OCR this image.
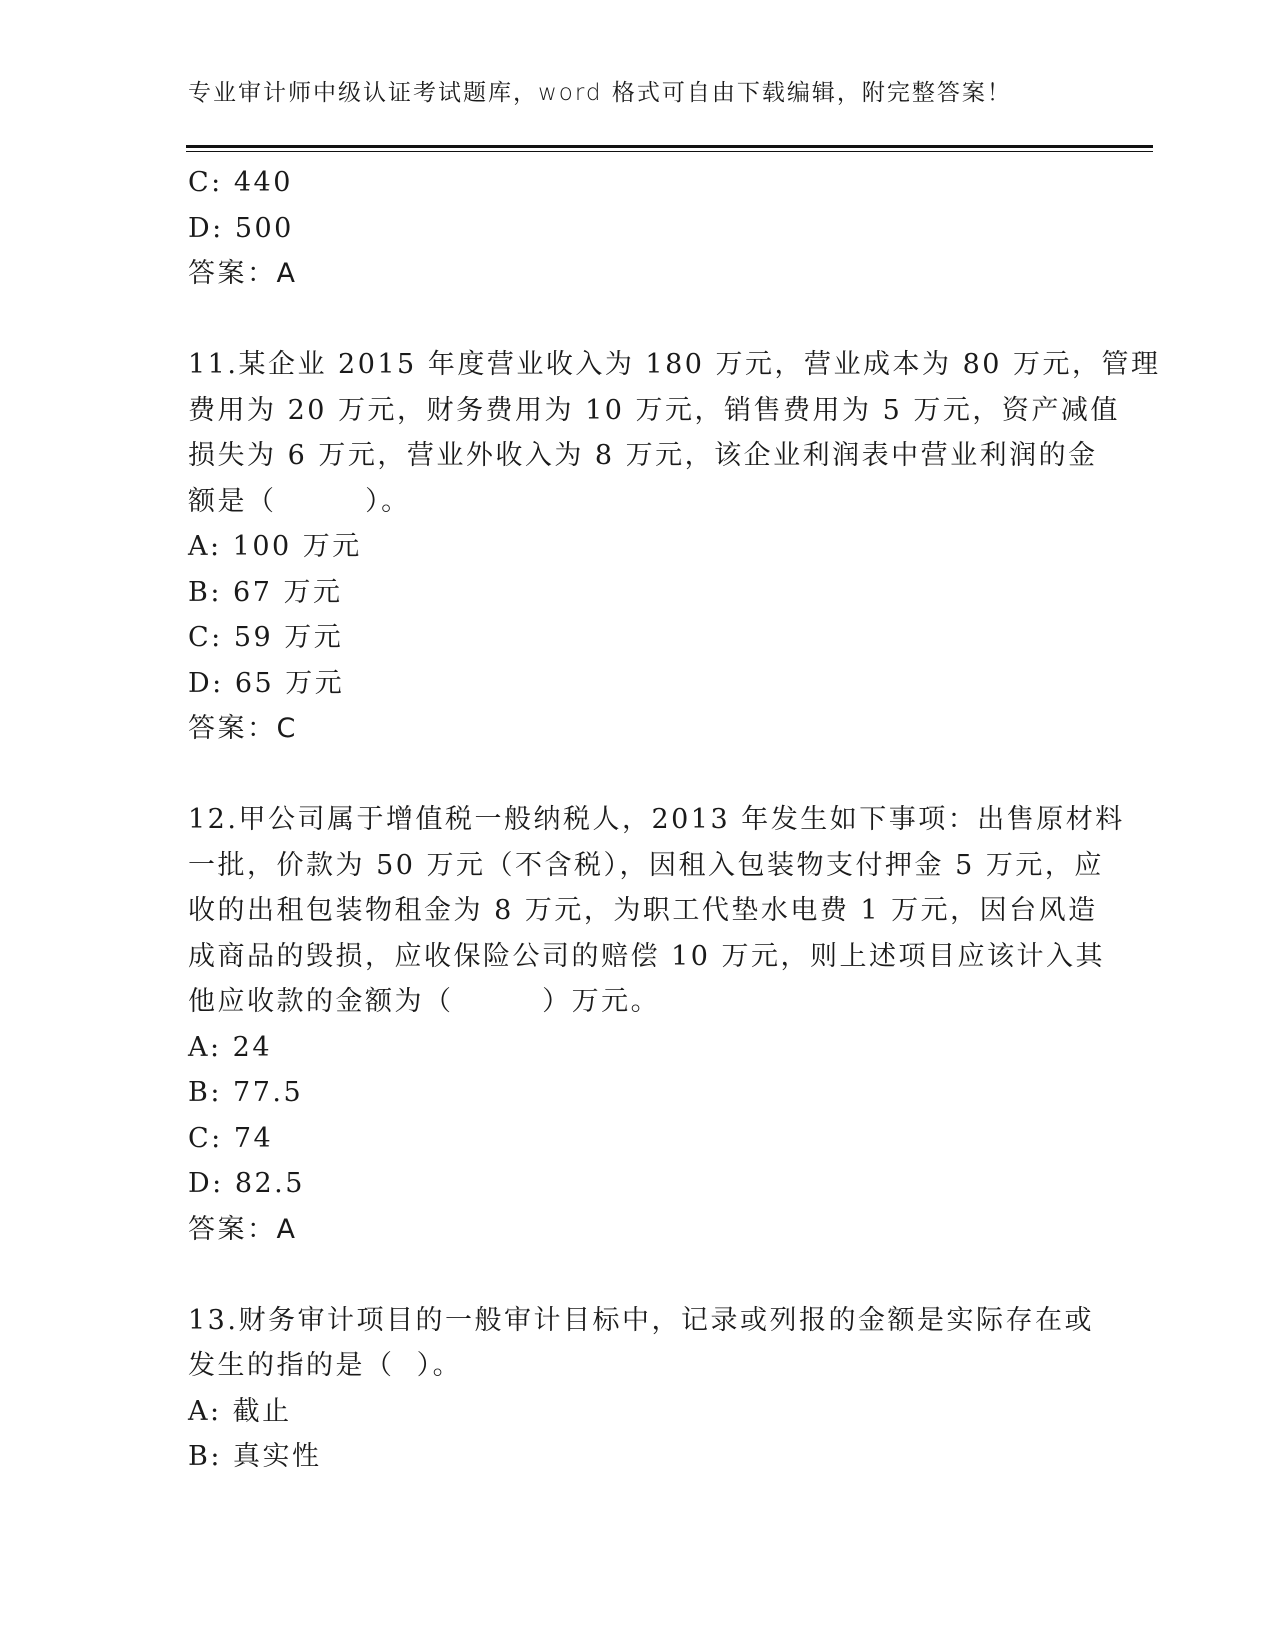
专业审计师中级认证考试题库，word 格式可自由下载编辑，附完整答案！
C: 440
D: 500
答案：A
11.某企业 2015 年度营业收入为 180 万元，营业成本为 80 万元，管理
费用为 20 万元，财务费用为 10 万元，销售费用为 5 万元，资产减值
损失为 6 万元，营业外收入为 8 万元，该企业利润表中营业利润的金
额是（        ）。
A: 100 万元
B: 67 万元
C: 59 万元
D: 65 万元
答案：C
12.甲公司属于增值税一般纳税人，2013 年发生如下事项：出售原材料
一批，价款为 50 万元（不含税），因租入包装物支付押金 5 万元，应
收的出租包装物租金为 8 万元，为职工代垫水电费 1 万元，因台风造
成商品的毁损，应收保险公司的赔偿 10 万元，则上述项目应该计入其
他应收款的金额为（        ）万元。
A: 24
B: 77.5
C: 74
D: 82.5
答案：A
13.财务审计项目的一般审计目标中，记录或列报的金额是实际存在或
发生的指的是（  ）。
A: 截止
B: 真实性
